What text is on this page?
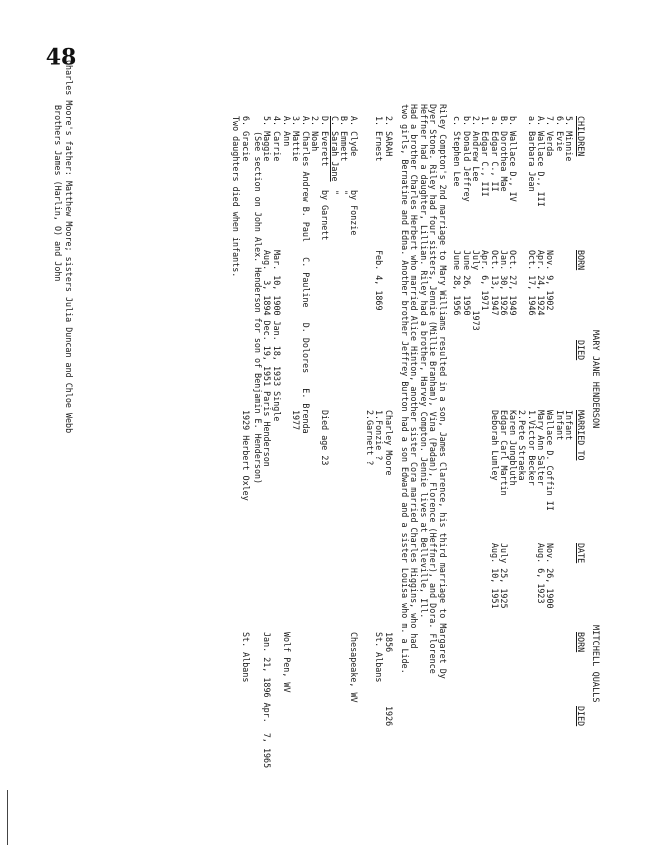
48
MARY JANE HENDERSON
MITCHELL QUALLS
CHILDREN
BORN
DIED
MARRIED TO
DATE
BORN
DIED
5. Minnie
Infant
6. Evie
Infant
7. Verda
Nov. 9, 1902
Wallace D. Coffin II
Nov. 26, 1900
A. Wallace D., III
Apr. 24, 1924
Mary Ann Salter
Aug. 6, 1923
a. Barbara Jean
Oct. 17, 1946
1.Victor Becker
2.Pete Straeka
b. Wallace D., IV
Oct. 27, 1949
Karen Jungbluth
B. Dorothea Mae
Jan. 30, 1926
Edgar Carl Martin
July 25, 1925
a. Edgar C., II
Oct. 13, 1947
Deborah Lumley
Aug. 10, 1951
1. Edgar C., III
Apr. 6, 1971
2. Andrew Lee
July        1973
b. Donald Jeffrey
June 26, 1950
c. Stephen Lee
June 28, 1956
Riley Compton's 2nd marriage to Mary Williams resulted in a son, James Clarence, his third marriage to Margaret Dy
Dyer Stone. Riley had four sisters, Jennie (Millie Branham), Vina (Padan), Florence (Heffner), and Dora. Florence
Heffner had a daughter, Lillian. Riley had a brother, Harvey Compton. Jennie lives at Belleville, Ill.
Had a brother Charles Herbert who married Alice Hinton, another sister Cora married Charles Higgins, who had
two girls, Bernatine and Edna. Another brother Jeffrey Burton had a son Edward and a sister Louisa who m. a Lide.
2. SARAH
Charley Moore
1856
1926
1. Ernest
Feb. 4, 1869
1.Fonzie ?
St. Albans
2.Garnett ?
A. Clyde
by Fonzie
Chesapeake, WV
B. Emmett
"
C. Sarah Jane
"
D. Everett
by Garnett
Died age 23
2. Noah
A. Charles Andrew B. Paul   C. Pauline   D. Dolores   E. Brenda
3. Mattie
1977
A. Ann
Wolf Pen, WV
4. Carrie
Mar. 10, 1900 Jan. 18, 1933 Single
5. Maggie
Aug.  3, 1894 Dec. 19, 1951 Paris Henderson
Jan. 21, 1896 Apr.  7, 1965
(See section on John Alex. Henderson for son of Benjamin E. Henderson)
6. Gracie
1929 Herbert Oxley
St. Albans
Two daughters died when infants.
Charles Moore's father: Matthew Moore; sisters Julia Duncan and Chloe Webb
Brothers James (Harlin, O) and John
